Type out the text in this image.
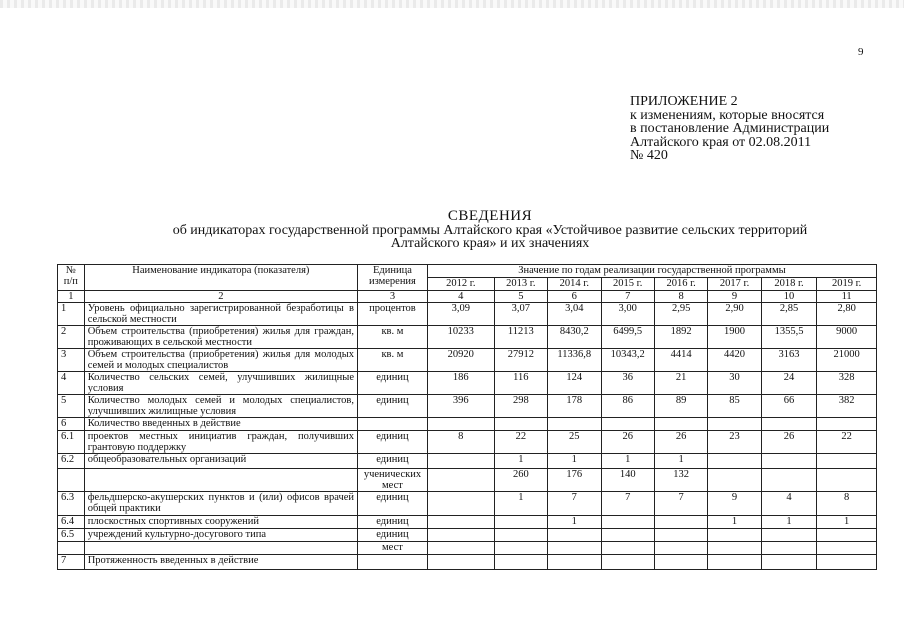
9
ПРИЛОЖЕНИЕ 2
к изменениям, которые вносятся
в постановление Администрации
Алтайского края от 02.08.2011
№ 420
СВЕДЕНИЯ
об индикаторах государственной программы Алтайского края «Устойчивое развитие сельских территорий
Алтайского края» и их значениях
№ п/п	Наименование индикатора (показателя)	Единица измерения	Значение по годам реализации государственной программы							
			2012 г.	2013 г.	2014 г.	2015 г.	2016 г.	2017 г.	2018 г.	2019 г.
1	2	3	4	5	6	7	8	9	10	11
1	Уровень официально зарегистрированной безработицы в сельской местности	процентов	3,09	3,07	3,04	3,00	2,95	2,90	2,85	2,80
2	Объем строительства (приобретения) жилья для граждан, проживающих в сельской местности	кв. м	10233	11213	8430,2	6499,5	1892	1900	1355,5	9000
3	Объем строительства (приобретения) жилья для молодых семей и молодых специалистов	кв. м	20920	27912	11336,8	10343,2	4414	4420	3163	21000
4	Количество сельских семей, улучшивших жилищные условия	единиц	186	116	124	36	21	30	24	328
5	Количество молодых семей и молодых специалистов, улучшивших жилищные условия	единиц	396	298	178	86	89	85	66	382
6	Количество введенных в действие									
6.1	проектов местных инициатив граждан, получивших грантовую поддержку	единиц	8	22	25	26	26	23	26	22
6.2	общеобразовательных организаций	единиц		1	1	1	1			
		ученических мест		260	176	140	132			
6.3	фельдшерско-акушерских пунктов и (или) офисов врачей общей практики	единиц		1	7	7	7	9	4	8
6.4	плоскостных спортивных сооружений	единиц			1			1	1	1
6.5	учреждений культурно-досугового типа	единиц								
		мест								
7	Протяженность введенных в действие									
